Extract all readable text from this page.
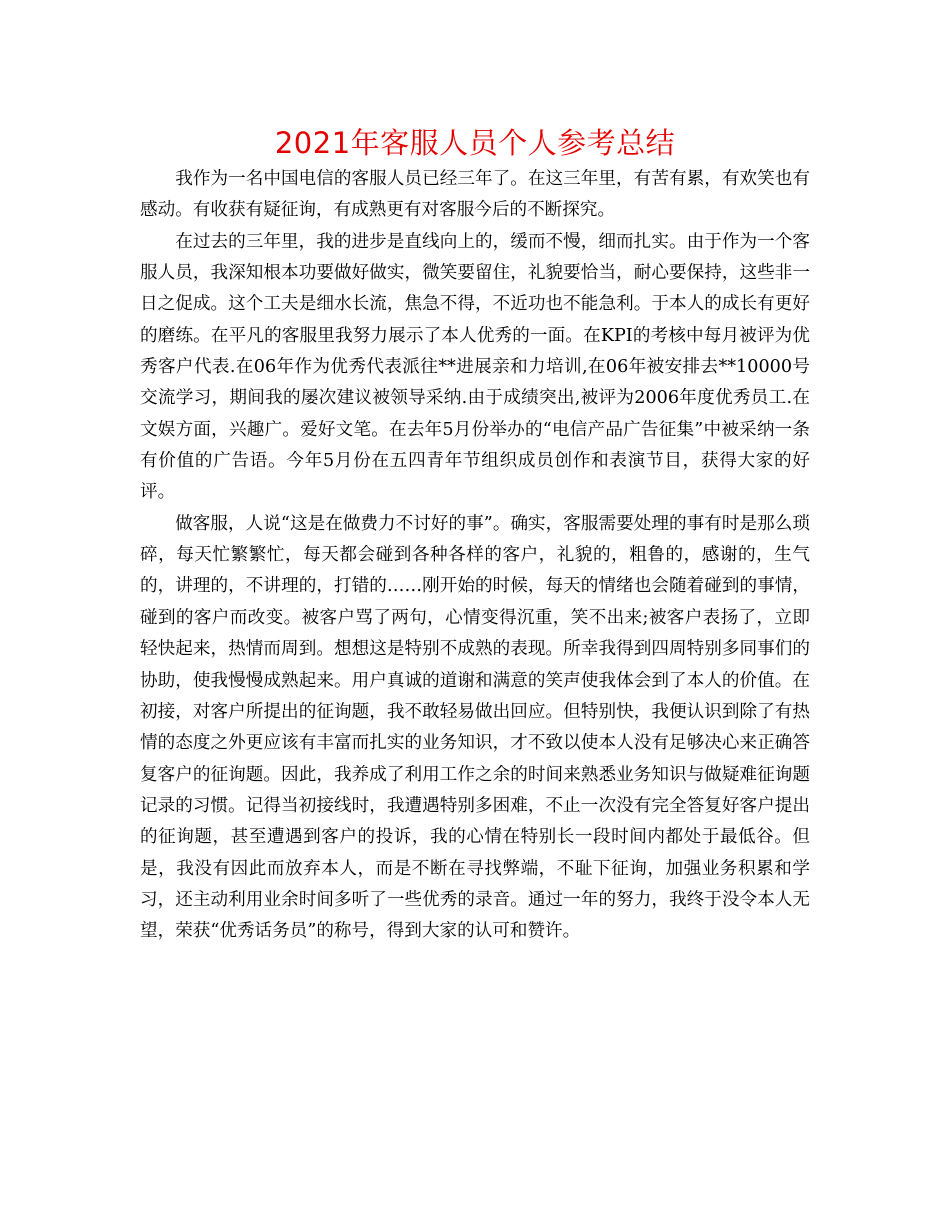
2021年客服人员个人参考总结

我作为一名中国电信的客服人员已经三年了。在这三年里，有苦有累，有欢笑也有感动。有收获有疑征询，有成熟更有对客服今后的不断探究。

在过去的三年里，我的进步是直线向上的，缓而不慢，细而扎实。由于作为一个客服人员，我深知根本功要做好做实，微笑要留住，礼貌要恰当，耐心要保持，这些非一日之促成。这个工夫是细水长流，焦急不得，不近功也不能急利。于本人的成长有更好的磨练。在平凡的客服里我努力展示了本人优秀的一面。在KPI的考核中每月被评为优秀客户代表.在06年作为优秀代表派往**进展亲和力培训,在06年被安排去**10000号交流学习，期间我的屡次建议被领导采纳.由于成绩突出,被评为2006年度优秀员工.在文娱方面，兴趣广。爱好文笔。在去年5月份举办的“电信产品广告征集”中被采纳一条有价值的广告语。今年5月份在五四青年节组织成员创作和表演节目，获得大家的好评。

做客服，人说“这是在做费力不讨好的事”。确实，客服需要处理的事有时是那么琐碎，每天忙繁繁忙，每天都会碰到各种各样的客户，礼貌的，粗鲁的，感谢的，生气的，讲理的，不讲理的，打错的……刚开始的时候，每天的情绪也会随着碰到的事情，碰到的客户而改变。被客户骂了两句，心情变得沉重，笑不出来;被客户表扬了，立即轻快起来，热情而周到。想想这是特别不成熟的表现。所幸我得到四周特别多同事们的协助，使我慢慢成熟起来。用户真诚的道谢和满意的笑声使我体会到了本人的价值。在初接，对客户所提出的征询题，我不敢轻易做出回应。但特别快，我便认识到除了有热情的态度之外更应该有丰富而扎实的业务知识，才不致以使本人没有足够决心来正确答复客户的征询题。因此，我养成了利用工作之余的时间来熟悉业务知识与做疑难征询题记录的习惯。记得当初接线时，我遭遇特别多困难，不止一次没有完全答复好客户提出的征询题，甚至遭遇到客户的投诉，我的心情在特别长一段时间内都处于最低谷。但是，我没有因此而放弃本人，而是不断在寻找弊端，不耻下征询，加强业务积累和学习，还主动利用业余时间多听了一些优秀的录音。通过一年的努力，我终于没令本人无望，荣获“优秀话务员”的称号，得到大家的认可和赞许。
